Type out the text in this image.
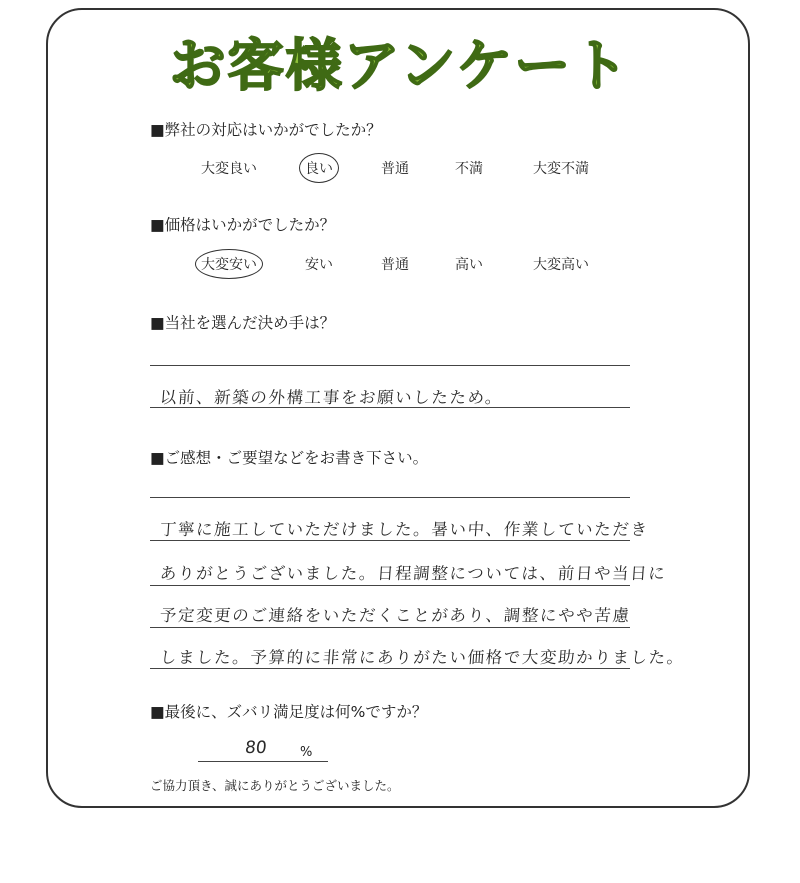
お客様アンケート
■弊社の対応はいかがでしたか？
大変良い	良い	普通	不満	大変不満
■価格はいかがでしたか？
大変安い	安い	普通	高い	大変高い
■当社を選んだ決め手は？
以前、新築の外構工事をお願いしたため。
■ご感想・ご要望などをお書き下さい。
丁寧に施工していただけました。暑い中、作業していただき
ありがとうございました。日程調整については、前日や当日に
予定変更のご連絡をいただくことがあり、調整にやや苦慮
しました。予算的に非常にありがたい価格で大変助かりました。
■最後に、ズバリ満足度は何%ですか？
80 %
ご協力頂き、誠にありがとうございました。
